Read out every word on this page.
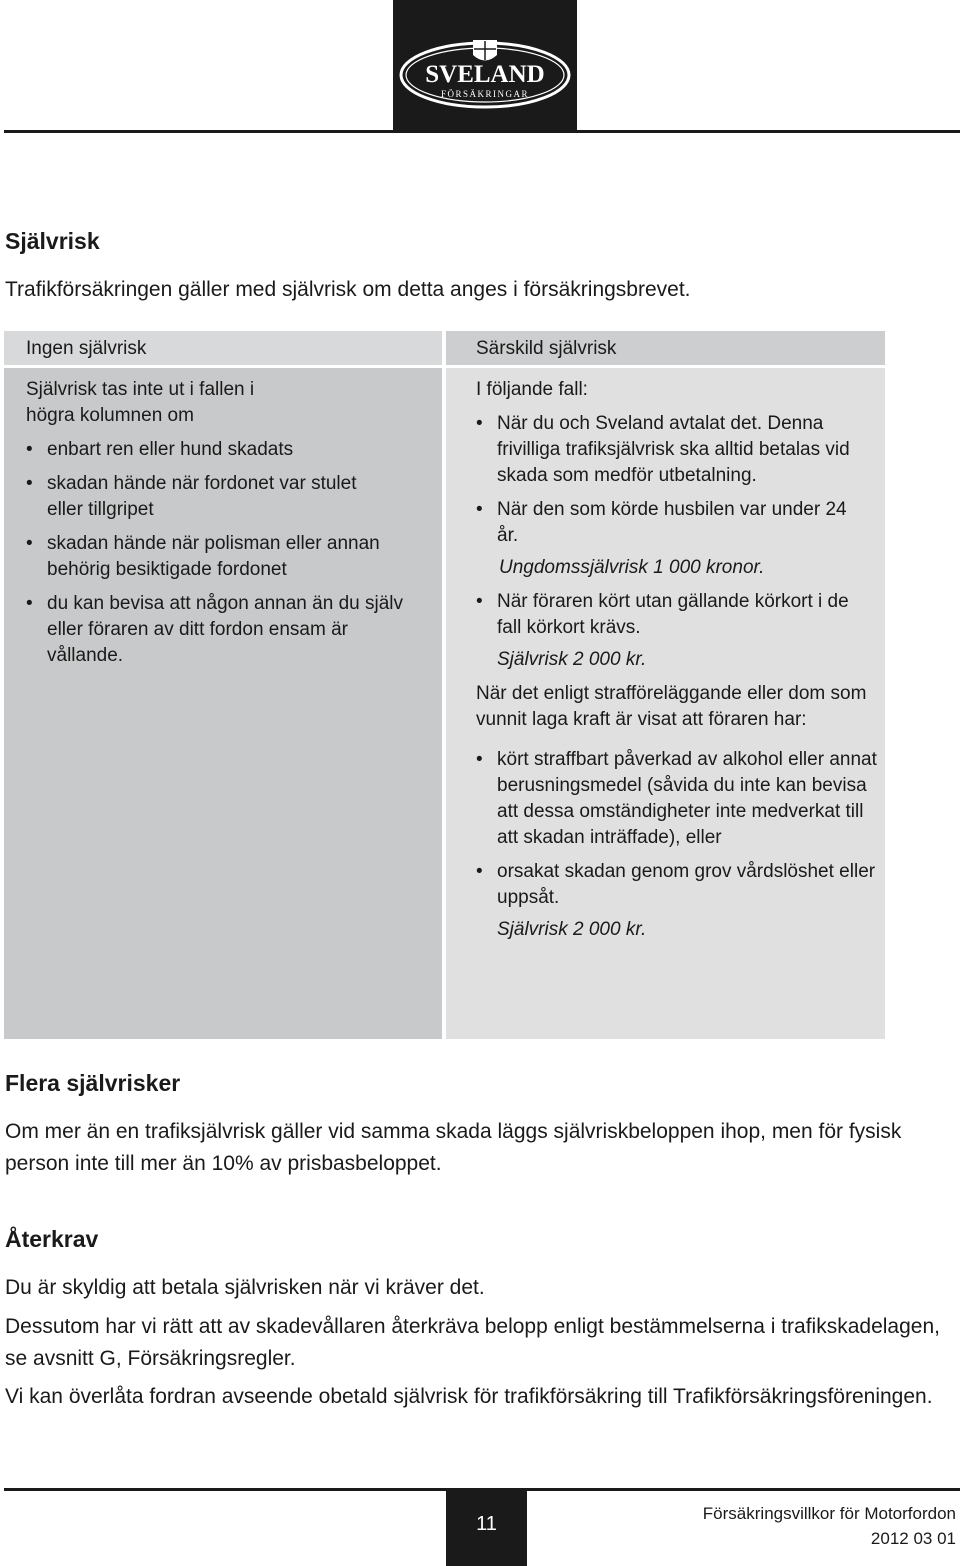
SVELAND
FÖRSÄKRINGAR
Självrisk

Trafikförsäkringen gäller med självrisk om detta anges i försäkringsbrevet.

Ingen självrisk
Självrisk tas inte ut i fallen i högra kolumnen om
• enbart ren eller hund skadats
• skadan hände när fordonet var stulet eller tillgripet
• skadan hände när polisman eller annan behörig besiktigade fordonet
• du kan bevisa att någon annan än du själv eller föraren av ditt fordon ensam är vållande.
Särskild självrisk
I följande fall:
• När du och Sveland avtalat det. Denna frivilliga trafiksjälvrisk ska alltid betalas vid skada som medför utbetalning.
• När den som körde husbilen var under 24 år.
Ungdomssjälvrisk 1 000 kronor.
• När föraren kört utan gällande körkort i de fall körkort krävs.
Självrisk 2 000 kr.
När det enligt strafföreläggande eller dom som vunnit laga kraft är visat att föraren har:
• kört straffbart påverkad av alkohol eller annat berusningsmedel (såvida du inte kan bevisa att dessa omständigheter inte medverkat till att skadan inträffade), eller
• orsakat skadan genom grov vårdslöshet eller uppsåt.
Självrisk 2 000 kr.
Flera självrisker

Om mer än en trafiksjälvrisk gäller vid samma skada läggs självriskbeloppen ihop, men för fysisk person inte till mer än 10% av prisbasbeloppet.

Återkrav

Du är skyldig att betala självrisken när vi kräver det.

Dessutom har vi rätt att av skadevållaren återkräva belopp enligt bestämmelserna i trafikskadelagen, se avsnitt G, Försäkringsregler.

Vi kan överlåta fordran avseende obetald självrisk för trafikförsäkring till Trafikförsäkringsföreningen.

11	Försäkringsvillkor för Motorfordon
2012 03 01
